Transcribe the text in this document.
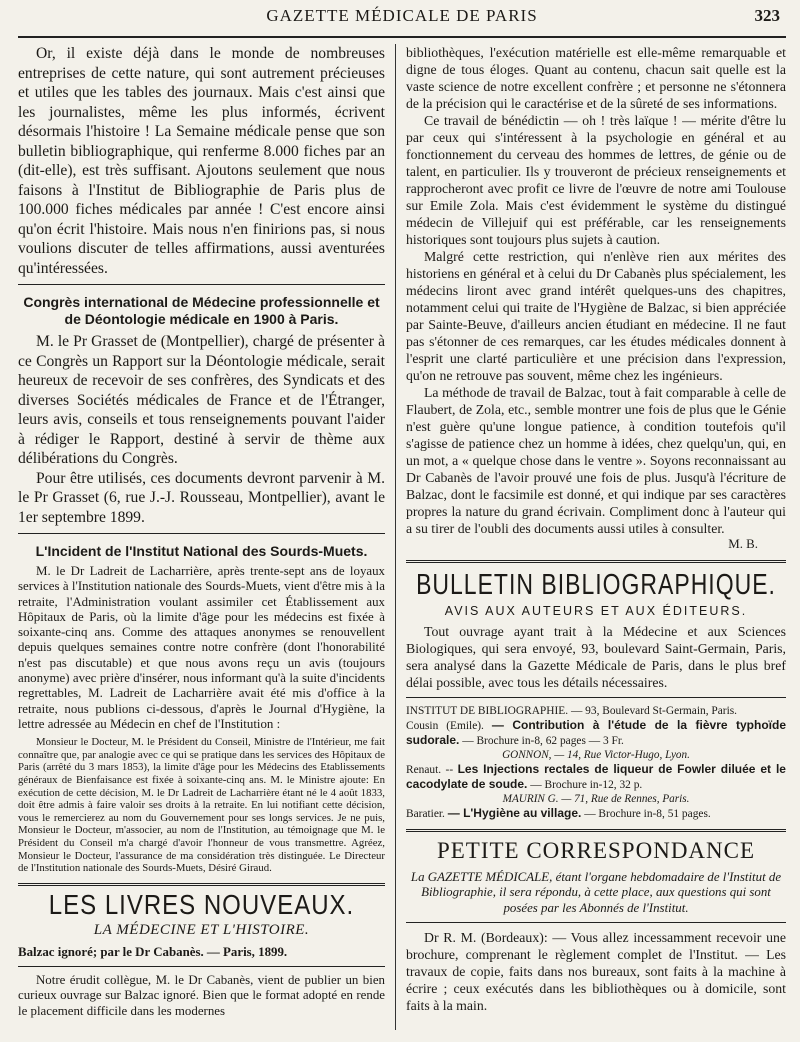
GAZETTE MÉDICALE DE PARIS	323

Or, il existe déjà dans le monde de nombreuses entreprises de cette nature, qui sont autrement précieuses et utiles que les tables des journaux. Mais c'est ainsi que les journalistes, même les plus informés, écrivent désormais l'histoire ! La Semaine médicale pense que son bulletin bibliographique, qui renferme 8.000 fiches par an (dit-elle), est très suffisant. Ajoutons seulement que nous faisons à l'Institut de Bibliographie de Paris plus de 100.000 fiches médicales par année ! C'est encore ainsi qu'on écrit l'histoire. Mais nous n'en finirions pas, si nous voulions discuter de telles affirmations, aussi aventurées qu'intéressées.

Congrès international de Médecine professionnelle et de Déontologie médicale en 1900 à Paris.

M. le Pr Grasset de (Montpellier), chargé de présenter à ce Congrès un Rapport sur la Déontologie médicale, serait heureux de recevoir de ses confrères, des Syndicats et des diverses Sociétés médicales de France et de l'Étranger, leurs avis, conseils et tous renseignements pouvant l'aider à rédiger le Rapport, destiné à servir de thème aux délibérations du Congrès.

Pour être utilisés, ces documents devront parvenir à M. le Pr Grasset (6, rue J.-J. Rousseau, Montpellier), avant le 1er septembre 1899.

L'Incident de l'Institut National des Sourds-Muets.

M. le Dr Ladreit de Lacharrière, après trente-sept ans de loyaux services à l'Institution nationale des Sourds-Muets, vient d'être mis à la retraite, l'Administration voulant assimiler cet Établissement aux Hôpitaux de Paris, où la limite d'âge pour les médecins est fixée à soixante-cinq ans. Comme des attaques anonymes se renouvellent depuis quelques semaines contre notre confrère (dont l'honorabilité n'est pas discutable) et que nous avons reçu un avis (toujours anonyme) avec prière d'insérer, nous informant qu'à la suite d'incidents regrettables, M. Ladreit de Lacharrière avait été mis d'office à la retraite, nous publions ci-dessous, d'après le Journal d'Hygiène, la lettre adressée au Médecin en chef de l'Institution :

Monsieur le Docteur, M. le Président du Conseil, Ministre de l'Intérieur, me fait connaître que, par analogie avec ce qui se pratique dans les services des Hôpitaux de Paris (arrêté du 3 mars 1853), la limite d'âge pour les Médecins des Etablissements généraux de Bienfaisance est fixée à soixante-cinq ans. M. le Ministre ajoute: En exécution de cette décision, M. le Dr Ladreit de Lacharrière étant né le 4 août 1833, doit être admis à faire valoir ses droits à la retraite. En lui notifiant cette décision, vous le remercierez au nom du Gouvernement pour ses longs services. Je ne puis, Monsieur le Docteur, m'associer, au nom de l'Institution, au témoignage que M. le Président du Conseil m'a chargé d'avoir l'honneur de vous transmettre. Agréez, Monsieur le Docteur, l'assurance de ma considération très distinguée. Le Directeur de l'Institution nationale des Sourds-Muets, Désiré Giraud.

LES LIVRES NOUVEAUX.
LA MÉDECINE ET L'HISTOIRE.

Balzac ignoré; par le Dr Cabanès. — Paris, 1899.

Notre érudit collègue, M. le Dr Cabanès, vient de publier un bien curieux ouvrage sur Balzac ignoré. Bien que le format adopté en rende le placement difficile dans les modernes

bibliothèques, l'exécution matérielle est elle-même remarquable et digne de tous éloges. Quant au contenu, chacun sait quelle est la vaste science de notre excellent confrère ; et personne ne s'étonnera de la précision qui le caractérise et de la sûreté de ses informations.

Ce travail de bénédictin — oh ! très laïque ! — mérite d'être lu par ceux qui s'intéressent à la psychologie en général et au fonctionnement du cerveau des hommes de lettres, de génie ou de talent, en particulier. Ils y trouveront de précieux renseignements et rapprocheront avec profit ce livre de l'œuvre de notre ami Toulouse sur Emile Zola. Mais c'est évidemment le système du distingué médecin de Villejuif qui est préférable, car les renseignements historiques sont toujours plus sujets à caution.

Malgré cette restriction, qui n'enlève rien aux mérites des historiens en général et à celui du Dr Cabanès plus spécialement, les médecins liront avec grand intérêt quelques-uns des chapitres, notamment celui qui traite de l'Hygiène de Balzac, si bien appréciée par Sainte-Beuve, d'ailleurs ancien étudiant en médecine. Il ne faut pas s'étonner de ces remarques, car les études médicales donnent à l'esprit une clarté particulière et une précision dans l'expression, qu'on ne retrouve pas souvent, même chez les ingénieurs.

La méthode de travail de Balzac, tout à fait comparable à celle de Flaubert, de Zola, etc., semble montrer une fois de plus que le Génie n'est guère qu'une longue patience, à condition toutefois qu'il s'agisse de patience chez un homme à idées, chez quelqu'un, qui, en un mot, a « quelque chose dans le ventre ». Soyons reconnaissant au Dr Cabanès de l'avoir prouvé une fois de plus. Jusqu'à l'écriture de Balzac, dont le facsimile est donné, et qui indique par ses caractères propres la nature du grand écrivain. Compliment donc à l'auteur qui a su tirer de l'oubli des documents aussi utiles à consulter.

M. B.
BULLETIN BIBLIOGRAPHIQUE.
AVIS AUX AUTEURS ET AUX ÉDITEURS.

Tout ouvrage ayant trait à la Médecine et aux Sciences Biologiques, qui sera envoyé, 93, boulevard Saint-Germain, Paris, sera analysé dans la Gazette Médicale de Paris, dans le plus bref délai possible, avec tous les détails nécessaires.

INSTITUT DE BIBLIOGRAPHIE. — 93, Boulevard St-Germain, Paris.

Cousin (Emile). — Contribution à l'étude de la fièvre typhoïde sudorale. — Brochure in-8, 62 pages — 3 Fr.

GONNON, — 14, Rue Victor-Hugo, Lyon.

Renaut. -- Les Injections rectales de liqueur de Fowler diluée et le cacodylate de soude. — Brochure in-12, 32 p.

MAURIN G. — 71, Rue de Rennes, Paris.

Baratier. — L'Hygiène au village. — Brochure in-8, 51 pages.

PETITE CORRESPONDANCE

La GAZETTE MÉDICALE, étant l'organe hebdomadaire de l'Institut de Bibliographie, il sera répondu, à cette place, aux questions qui sont posées par les Abonnés de l'Institut.

Dr R. M. (Bordeaux): — Vous allez incessamment recevoir une brochure, comprenant le règlement complet de l'Institut. — Les travaux de copie, faits dans nos bureaux, sont faits à la machine à écrire ; ceux exécutés dans les bibliothèques ou à domicile, sont faits à la main.
